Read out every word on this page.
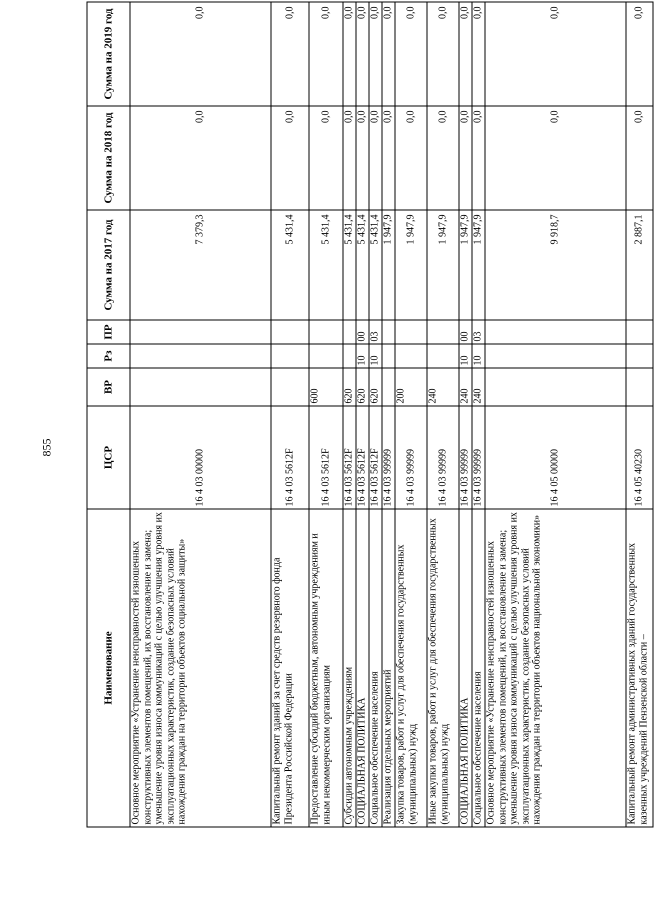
855
Наименование	ЦСР	ВР	Рз	ПР	Сумма на 2017 год	Сумма на 2018 год	Сумма на 2019 год
Основное мероприятие «Устранение неисправностей изношенных конструктивных элементов помещений, их восстановление и замена; уменьшение уровня износа коммуникаций с целью улучшения уровня их эксплуатационных характеристик, создание безопасных условий нахождения граждан на территории объектов социальной защиты»	16 4 03 00000				7 379,3	0,0	0,0
Капитальный ремонт зданий за счет средств резервного фонда Президента Российской Федерации	16 4 03 5612F				5 431,4	0,0	0,0
Предоставление субсидий бюджетным, автономным учреждениям и иным некоммерческим организациям	16 4 03 5612F	600			5 431,4	0,0	0,0
Субсидии автономным учреждениям	16 4 03 5612F	620			5 431,4	0,0	0,0
СОЦИАЛЬНАЯ ПОЛИТИКА	16 4 03 5612F	620	10	00	5 431,4	0,0	0,0
Социальное обеспечение населения	16 4 03 5612F	620	10	03	5 431,4	0,0	0,0
Реализация отдельных мероприятий	16 4 03 99999				1 947,9	0,0	0,0
Закупка товаров, работ и услуг для обеспечения государственных (муниципальных) нужд	16 4 03 99999	200			1 947,9	0,0	0,0
Иные закупки товаров, работ и услуг для обеспечения государственных (муниципальных) нужд	16 4 03 99999	240			1 947,9	0,0	0,0
СОЦИАЛЬНАЯ ПОЛИТИКА	16 4 03 99999	240	10	00	1 947,9	0,0	0,0
Социальное обеспечение населения	16 4 03 99999	240	10	03	1 947,9	0,0	0,0
Основное мероприятие «Устранение неисправностей изношенных конструктивных элементов помещений, их восстановление и замена; уменьшение уровня износа коммуникаций с целью улучшения уровня их эксплуатационных характеристик, создание безопасных условий нахождения граждан на территории объектов национальной экономики»	16 4 05 00000				9 918,7	0,0	0,0
Капитальный ремонт административных зданий государственных казенных учреждений Пензенской области –	16 4 05 40230				2 887,1	0,0	0,0
